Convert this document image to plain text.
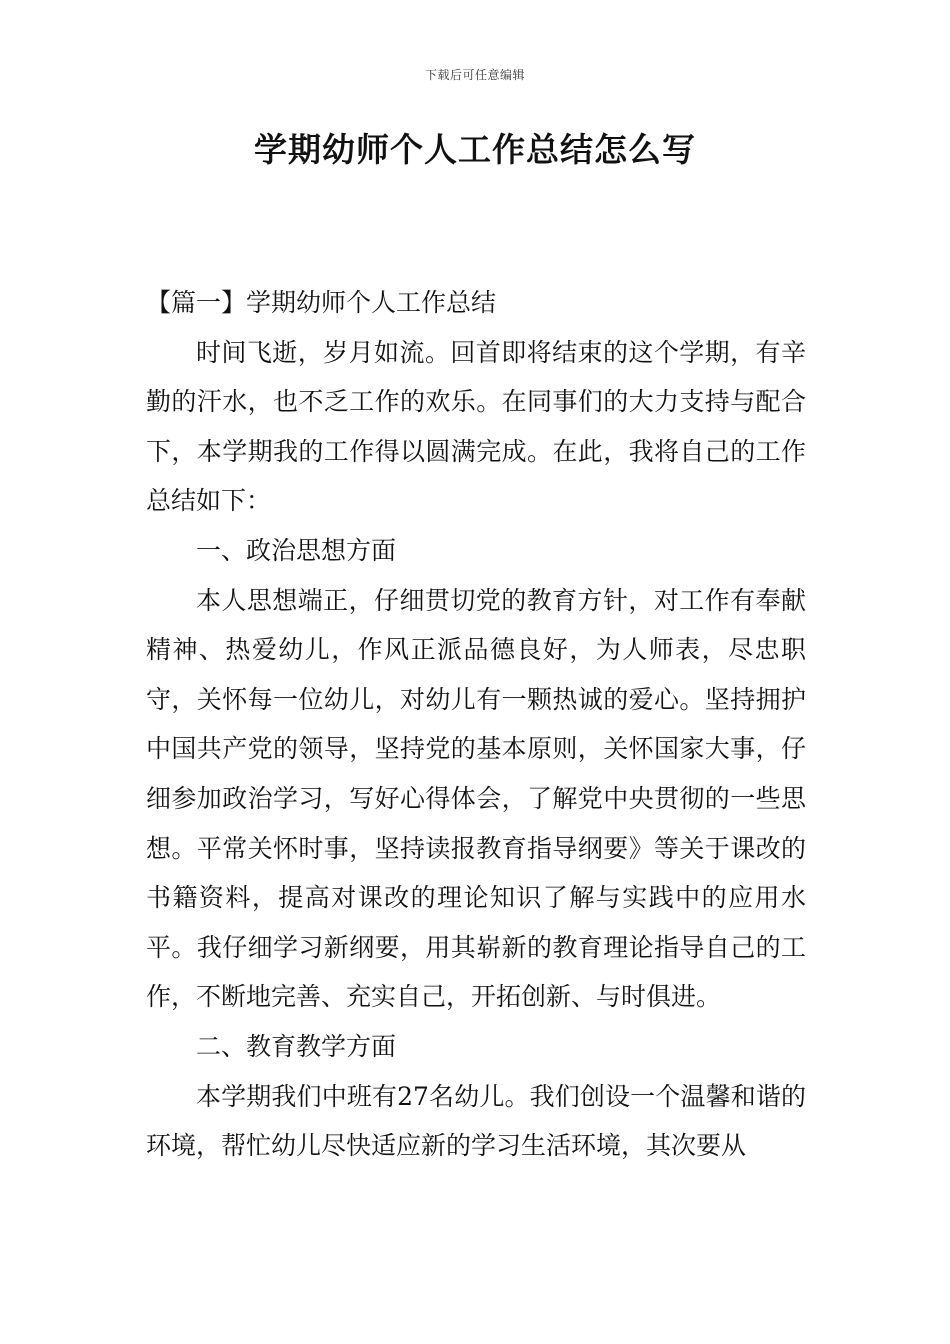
下载后可任意编辑
学期幼师个人工作总结怎么写

【篇一】学期幼师个人工作总结

时间飞逝，岁月如流。回首即将结束的这个学期，有辛勤的汗水，也不乏工作的欢乐。在同事们的大力支持与配合下，本学期我的工作得以圆满完成。在此，我将自己的工作总结如下：

一、政治思想方面

本人思想端正，仔细贯切党的教育方针，对工作有奉献精神、热爱幼儿，作风正派品德良好，为人师表，尽忠职守，关怀每一位幼儿，对幼儿有一颗热诚的爱心。坚持拥护中国共产党的领导，坚持党的基本原则，关怀国家大事，仔细参加政治学习，写好心得体会，了解党中央贯彻的一些思想。平常关怀时事，坚持读报教育指导纲要》等关于课改的书籍资料，提高对课改的理论知识了解与实践中的应用水平。我仔细学习新纲要，用其崭新的教育理论指导自己的工作，不断地完善、充实自己，开拓创新、与时俱进。

二、教育教学方面

本学期我们中班有27名幼儿。我们创设一个温馨和谐的环境，帮忙幼儿尽快适应新的学习生活环境，其次要从
